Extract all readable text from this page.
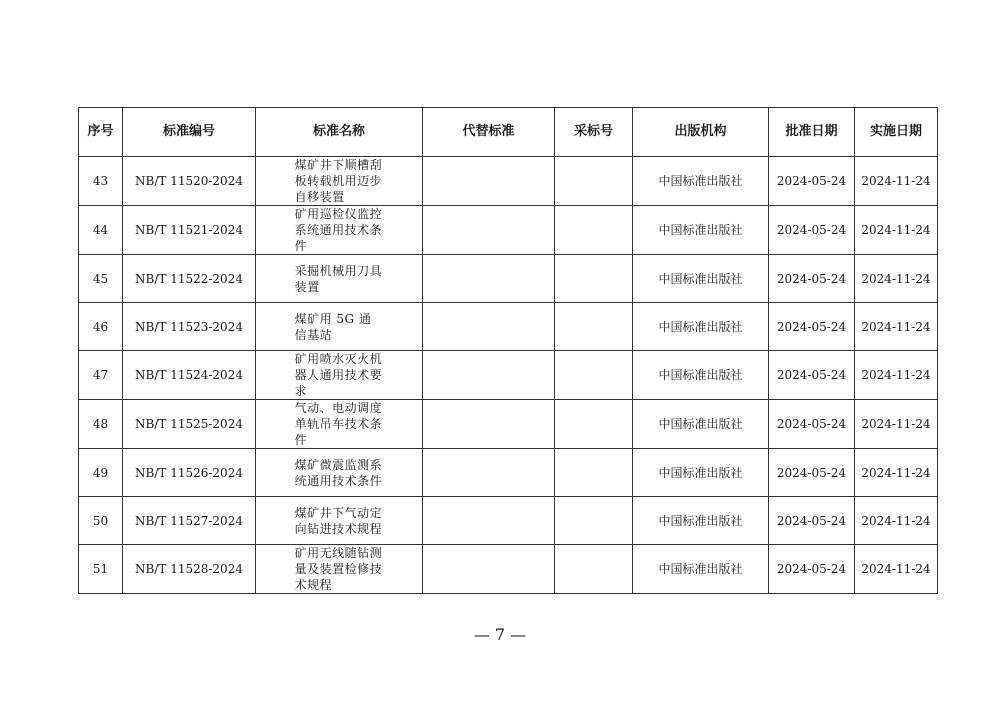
序号	标准编号	标准名称	代替标准	采标号	出版机构	批准日期	实施日期
43	NB/T 11520-2024	煤矿井下顺槽刮板转载机用迈步自移装置			中国标准出版社	2024-05-24	2024-11-24
44	NB/T 11521-2024	矿用巡检仪监控系统通用技术条件			中国标准出版社	2024-05-24	2024-11-24
45	NB/T 11522-2024	采掘机械用刀具装置			中国标准出版社	2024-05-24	2024-11-24
46	NB/T 11523-2024	煤矿用 5G 通信基站			中国标准出版社	2024-05-24	2024-11-24
47	NB/T 11524-2024	矿用喷水灭火机器人通用技术要求			中国标准出版社	2024-05-24	2024-11-24
48	NB/T 11525-2024	气动、电动调度单轨吊车技术条件			中国标准出版社	2024-05-24	2024-11-24
49	NB/T 11526-2024	煤矿微震监测系统通用技术条件			中国标准出版社	2024-05-24	2024-11-24
50	NB/T 11527-2024	煤矿井下气动定向钻进技术规程			中国标准出版社	2024-05-24	2024-11-24
51	NB/T 11528-2024	矿用无线随钻测量及装置检修技术规程			中国标准出版社	2024-05-24	2024-11-24
— 7 —
